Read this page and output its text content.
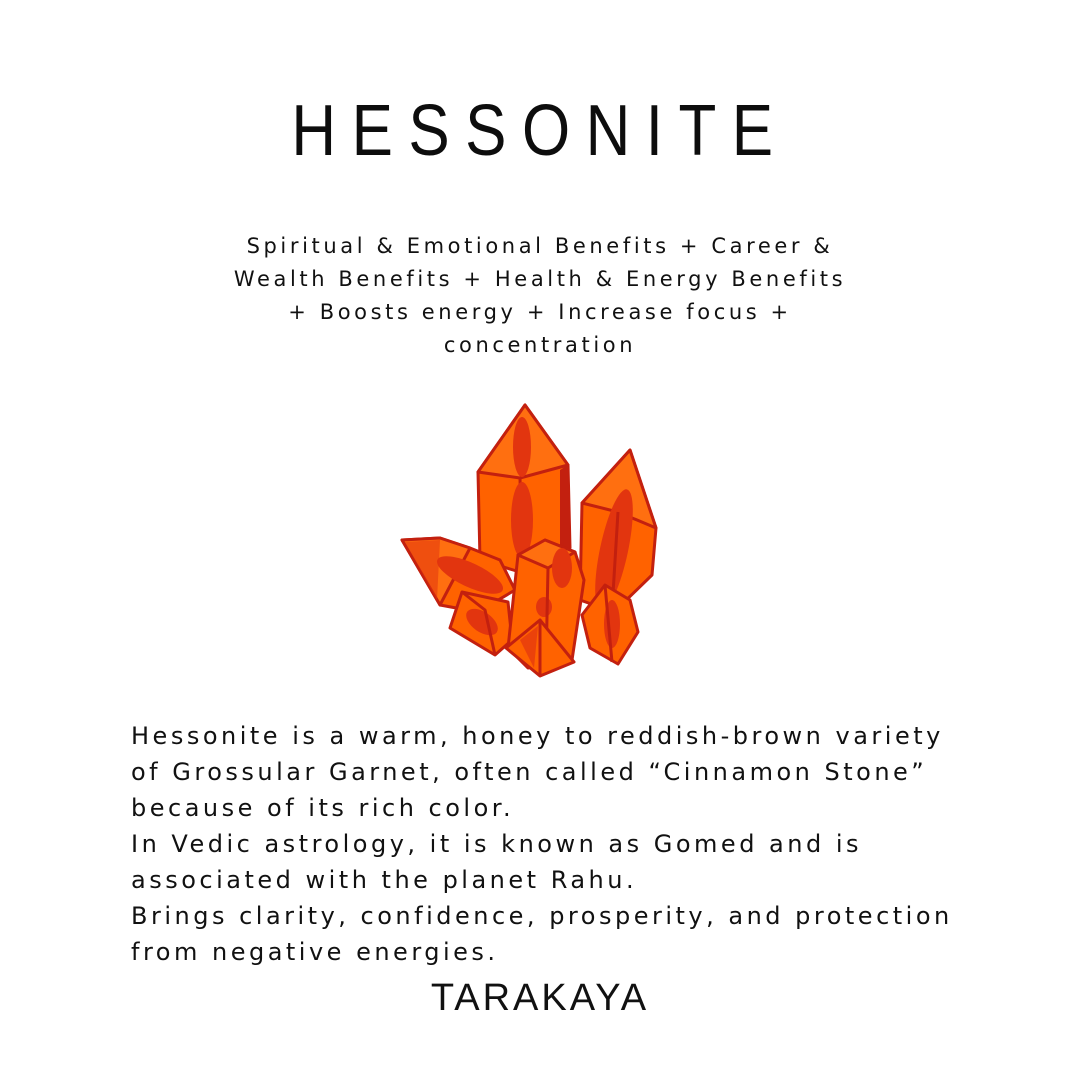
HESSONITE
Spiritual & Emotional Benefits + Career &
Wealth Benefits + Health & Energy Benefits
+ Boosts energy + Increase focus +
concentration
Hessonite is a warm, honey to reddish-brown variety
of Grossular Garnet, often called “Cinnamon Stone”
because of its rich color.
In Vedic astrology, it is known as Gomed and is
associated with the planet Rahu.
Brings clarity, confidence, prosperity, and protection
from negative energies.
TARAKAYA
